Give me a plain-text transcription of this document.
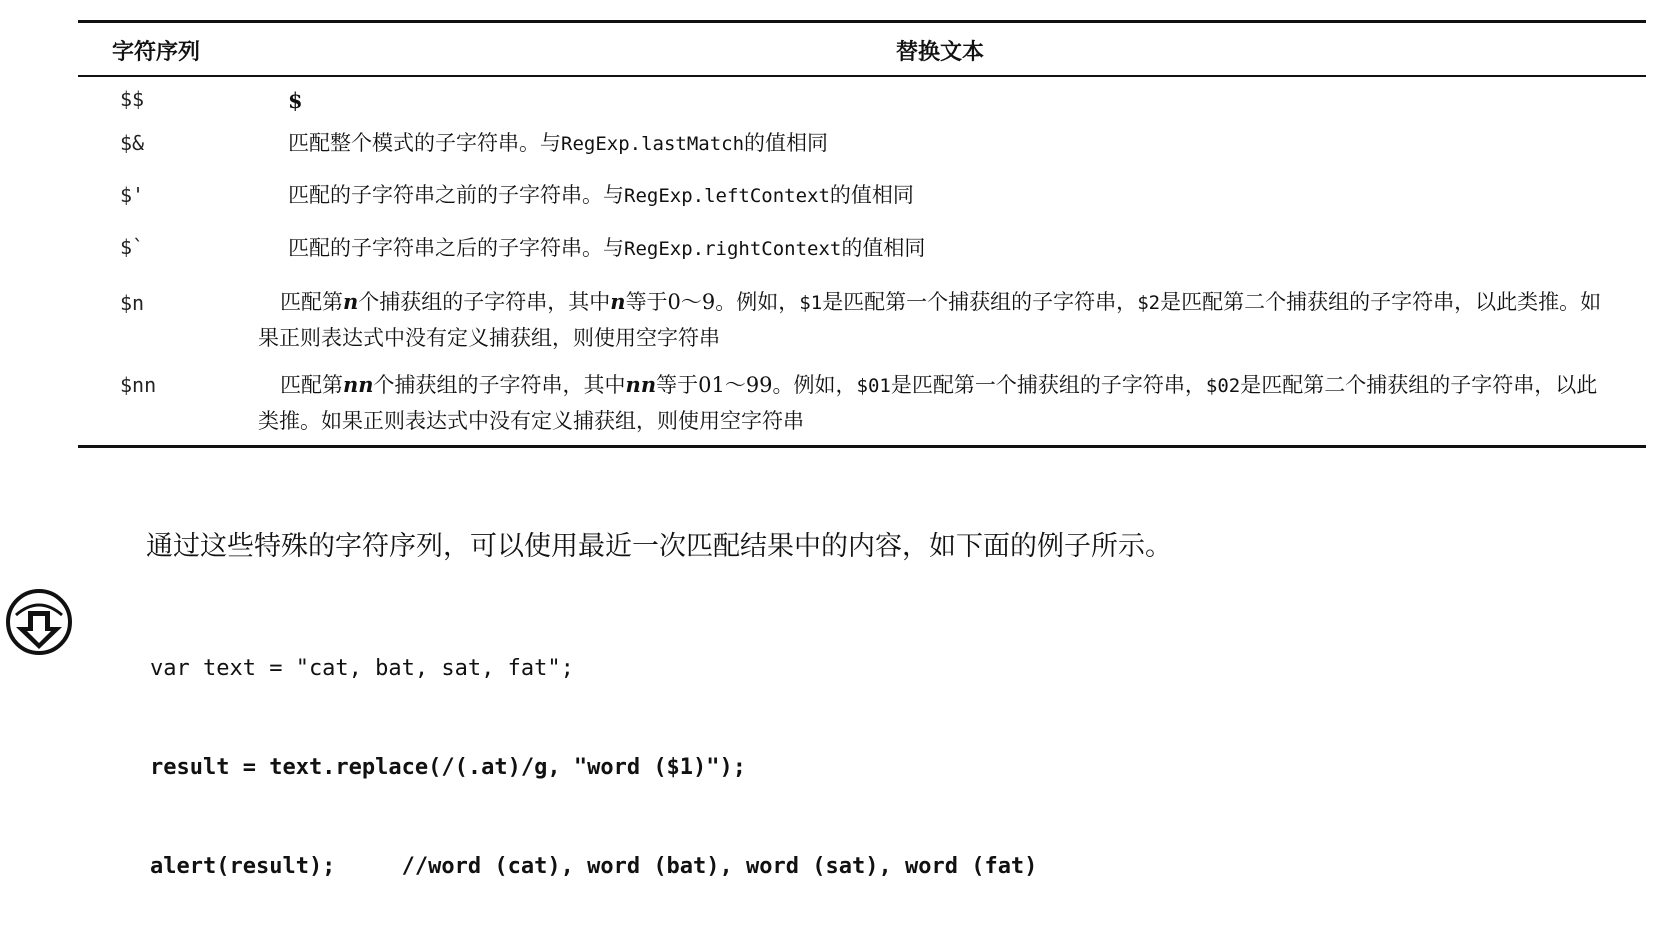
字符序列	替换文本
$$	$
$&	匹配整个模式的子字符串。与RegExp.lastMatch的值相同
$'	匹配的子字符串之前的子字符串。与RegExp.leftContext的值相同
$`	匹配的子字符串之后的子字符串。与RegExp.rightContext的值相同
$n	匹配第n个捕获组的子字符串，其中n等于0～9。例如，$1是匹配第一个捕获组的子字符串，$2是匹配第二个捕获组的子字符串，以此类推。如果正则表达式中没有定义捕获组，则使用空字符串
$nn	匹配第nn个捕获组的子字符串，其中nn等于01～99。例如，$01是匹配第一个捕获组的子字符串，$02是匹配第二个捕获组的子字符串，以此类推。如果正则表达式中没有定义捕获组，则使用空字符串
通过这些特殊的字符序列，可以使用最近一次匹配结果中的内容，如下面的例子所示。

var text = "cat, bat, sat, fat";

result = text.replace(/(.at)/g, "word ($1)");

alert(result);     //word (cat), word (bat), word (sat), word (fat)
